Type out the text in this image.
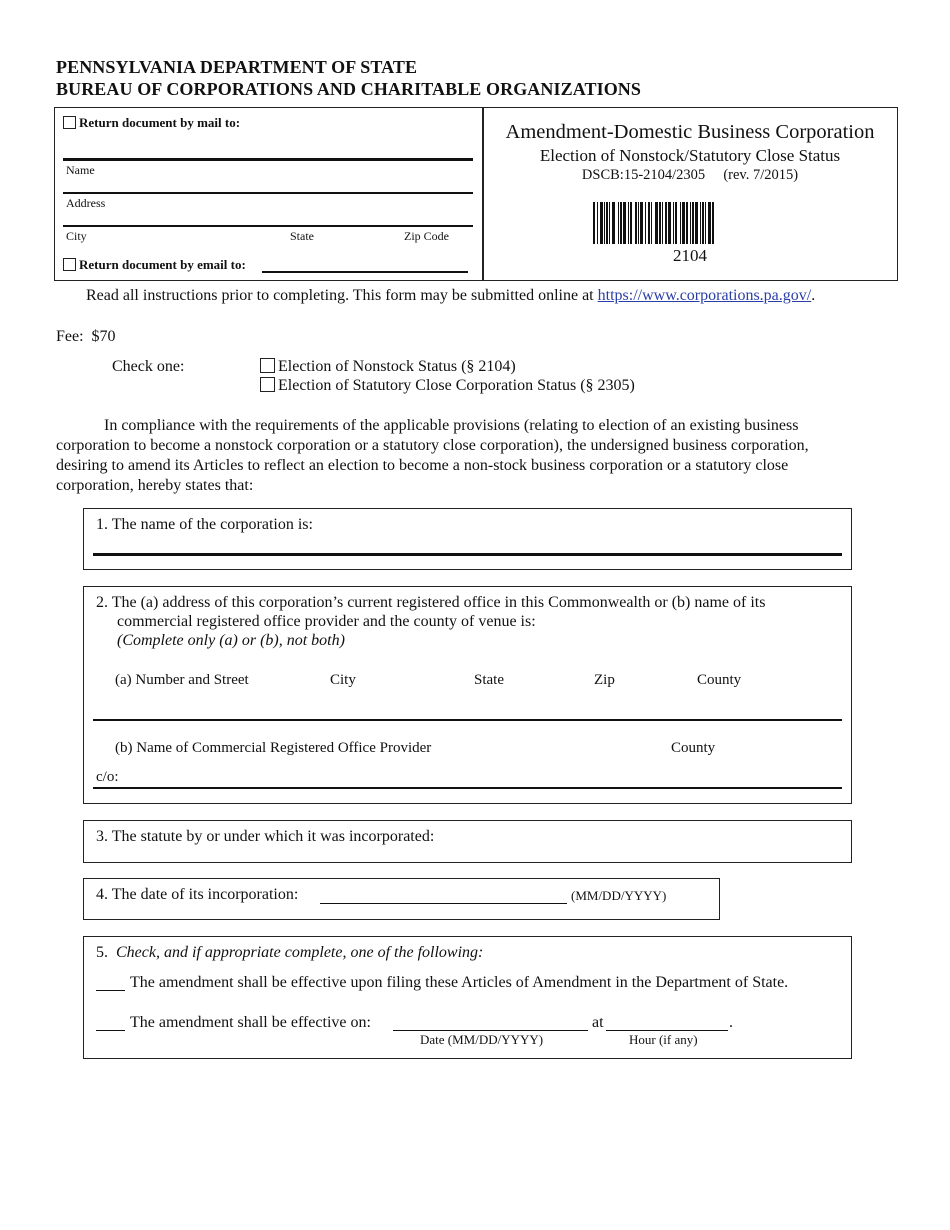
PENNSYLVANIA DEPARTMENT OF STATE
BUREAU OF CORPORATIONS AND CHARITABLE ORGANIZATIONS
Return document by mail to:
Name
Address
City	State	Zip Code
Return document by email to:
Amendment-Domestic Business Corporation
Election of Nonstock/Statutory Close Status
DSCB:15-2104/2305 (rev. 7/2015)
2104
Read all instructions prior to completing. This form may be submitted online at https://www.corporations.pa.gov/.
Fee:  $70
Check one:	Election of Nonstock Status (§ 2104)
Election of Statutory Close Corporation Status (§ 2305)
In compliance with the requirements of the applicable provisions (relating to election of an existing business
corporation to become a nonstock corporation or a statutory close corporation), the undersigned business corporation,
desiring to amend its Articles to reflect an election to become a non-stock business corporation or a statutory close
corporation, hereby states that:
1. The name of the corporation is:
2. The (a) address of this corporation’s current registered office in this Commonwealth or (b) name of its
commercial registered office provider and the county of venue is:
(Complete only (a) or (b), not both)
(a) Number and Street	City	State	Zip	County
(b) Name of Commercial Registered Office Provider	County
c/o:
3. The statute by or under which it was incorporated:
4. The date of its incorporation:	(MM/DD/YYYY)
5. Check, and if appropriate complete, one of the following:
The amendment shall be effective upon filing these Articles of Amendment in the Department of State.
The amendment shall be effective on:	at	.
Date (MM/DD/YYYY)	Hour (if any)
